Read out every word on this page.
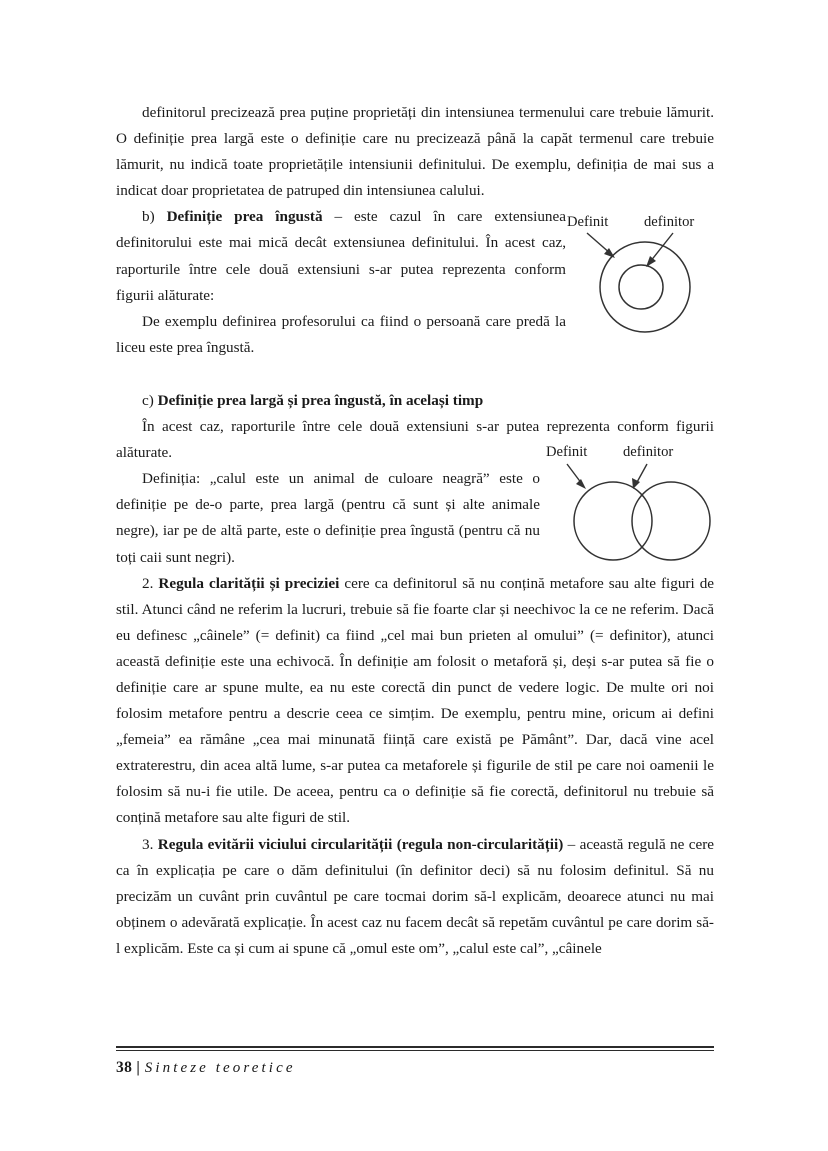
definitorul precizează prea puține proprietăți din intensiunea termenului care trebuie lămurit. O definiție prea largă este o definiție care nu precizează până la capăt termenul care trebuie lămurit, nu indică toate proprietățile intensiunii definitului. De exemplu, definiția de mai sus a indicat doar proprietatea de patruped din intensiunea calului.

b) Definiție prea îngustă – este cazul în care extensiunea definitorului este mai mică decât extensiunea definitului. În acest caz, raporturile între cele două extensiuni s-ar putea reprezenta conform figurii alăturate:

De exemplu definirea profesorului ca fiind o persoană care predă la liceu este prea îngustă.

c) Definiție prea largă și prea îngustă, în același timp

În acest caz, raporturile între cele două extensiuni s-ar putea reprezenta conform figurii alăturate.

Definiția: „calul este un animal de culoare neagră” este o definiție pe de-o parte, prea largă (pentru că sunt și alte animale negre), iar pe de altă parte, este o definiție prea îngustă (pentru că nu toți caii sunt negri).

2. Regula clarității și preciziei cere ca definitorul să nu conțină metafore sau alte figuri de stil. Atunci când ne referim la lucruri, trebuie să fie foarte clar și neechivoc la ce ne referim. Dacă eu definesc „câinele” (= definit) ca fiind „cel mai bun prieten al omului” (= definitor), atunci această definiție este una echivocă. În definiție am folosit o metaforă și, deși s-ar putea să fie o definiție care ar spune multe, ea nu este corectă din punct de vedere logic. De multe ori noi folosim metafore pentru a descrie ceea ce simțim. De exemplu, pentru mine, oricum ai defini „femeia” ea rămâne „cea mai minunată ființă care există pe Pământ”. Dar, dacă vine acel extraterestru, din acea altă lume, s-ar putea ca metaforele și figurile de stil pe care noi oamenii le folosim să nu-i fie utile. De aceea, pentru ca o definiție să fie corectă, definitorul nu trebuie să conțină metafore sau alte figuri de stil.

3. Regula evitării viciului circularității (regula non-circularității) – această regulă ne cere ca în explicația pe care o dăm definitului (în definitor deci) să nu folosim definitul. Să nu precizăm un cuvânt prin cuvântul pe care tocmai dorim să-l explicăm, deoarece atunci nu mai obținem o adevărată explicație. În acest caz nu facem decât să repetăm cuvântul pe care dorim să-l explicăm. Este ca și cum ai spune că „omul este om”, „calul este cal”, „câinele

Definit definitor
Definit definitor
38 | Sinteze teoretice
